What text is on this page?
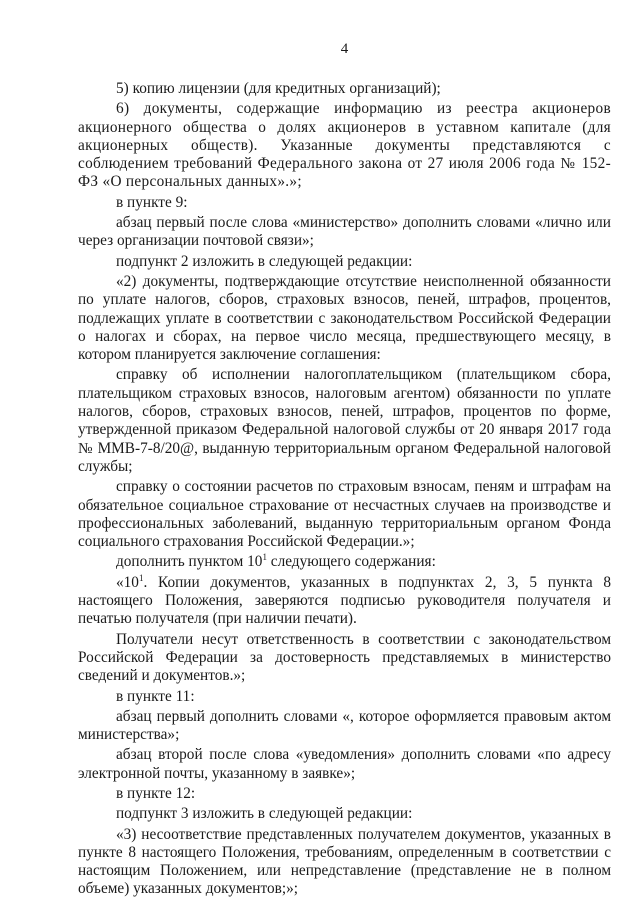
4

5) копию лицензии (для кредитных организаций);

6) документы, содержащие информацию из реестра акционеров акционерного общества о долях акционеров в уставном капитале (для акционерных обществ). Указанные документы представляются с соблюдением требований Федерального закона от 27 июля 2006 года № 152-ФЗ «О персональных данных».»;

в пункте 9:

абзац первый после слова «министерство» дополнить словами «лично или через организации почтовой связи»;

подпункт 2 изложить в следующей редакции:

«2) документы, подтверждающие отсутствие неисполненной обязанности по уплате налогов, сборов, страховых взносов, пеней, штрафов, процентов, подлежащих уплате в соответствии с законодательством Российской Федерации о налогах и сборах, на первое число месяца, предшествующего месяцу, в котором планируется заключение соглашения:

справку об исполнении налогоплательщиком (плательщиком сбора, плательщиком страховых взносов, налоговым агентом) обязанности по уплате налогов, сборов, страховых взносов, пеней, штрафов, процентов по форме, утвержденной приказом Федеральной налоговой службы от 20 января 2017 года № ММВ-7-8/20@, выданную территориальным органом Федеральной налоговой службы;

справку о состоянии расчетов по страховым взносам, пеням и штрафам на обязательное социальное страхование от несчастных случаев на производстве и профессиональных заболеваний, выданную территориальным органом Фонда социального страхования Российской Федерации.»;

дополнить пунктом $10^1$ следующего содержания:

«$10^1$. Копии документов, указанных в подпунктах 2, 3, 5 пункта 8 настоящего Положения, заверяются подписью руководителя получателя и печатью получателя (при наличии печати).

Получатели несут ответственность в соответствии с законодательством Российской Федерации за достоверность представляемых в министерство сведений и документов.»;

в пункте 11:

абзац первый дополнить словами «, которое оформляется правовым актом министерства»;

абзац второй после слова «уведомления» дополнить словами «по адресу электронной почты, указанному в заявке»;

в пункте 12:

подпункт 3 изложить в следующей редакции:

«3) несоответствие представленных получателем документов, указанных в пункте 8 настоящего Положения, требованиям, определенным в соответствии с настоящим Положением, или непредставление (представление не в полном объеме) указанных документов;»;
